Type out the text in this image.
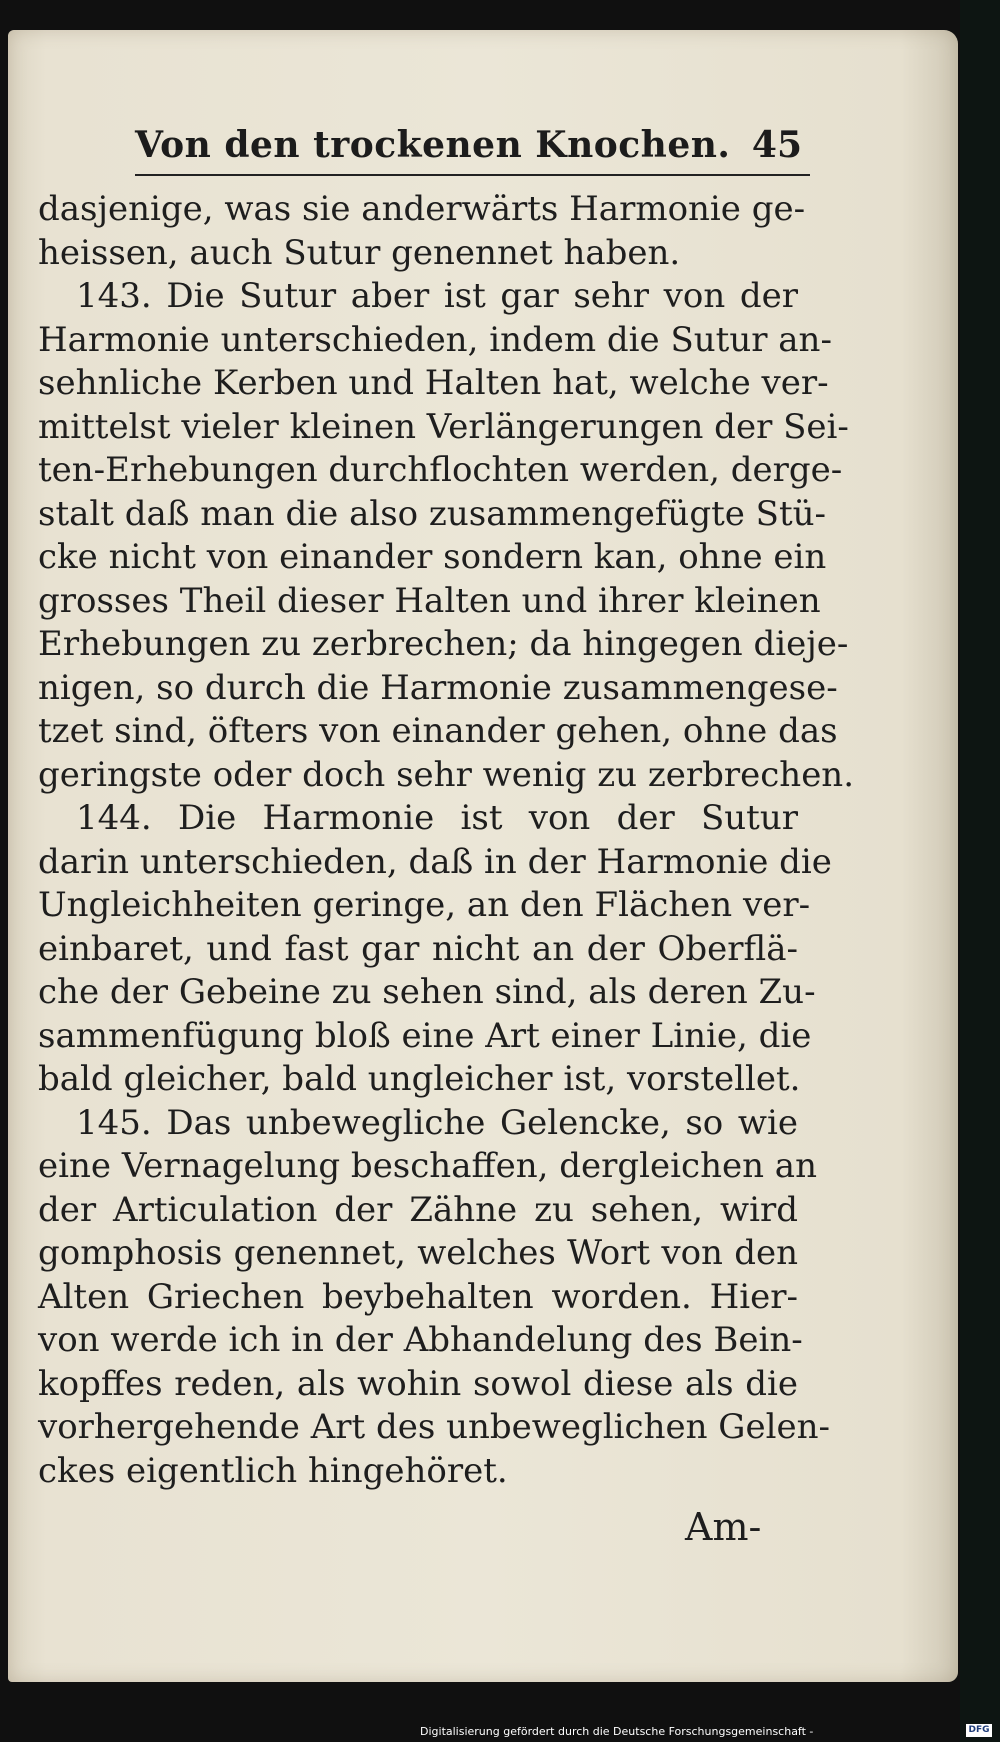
Von den trockenen Knochen. 45
dasjenige, was sie anderwärts Harmonie ge-
heissen, auch Sutur genennet haben.
143. Die Sutur aber ist gar sehr von der
Harmonie unterschieden, indem die Sutur an-
sehnliche Kerben und Halten hat, welche ver-
mittelst vieler kleinen Verlängerungen der Sei-
ten-Erhebungen durchflochten werden, derge-
stalt daß man die also zusammengefügte Stü-
cke nicht von einander sondern kan, ohne ein
grosses Theil dieser Halten und ihrer kleinen
Erhebungen zu zerbrechen; da hingegen dieje-
nigen, so durch die Harmonie zusammengese-
tzet sind, öfters von einander gehen, ohne das
geringste oder doch sehr wenig zu zerbrechen.
144. Die Harmonie ist von der Sutur
darin unterschieden, daß in der Harmonie die
Ungleichheiten geringe, an den Flächen ver-
einbaret, und fast gar nicht an der Oberflä-
che der Gebeine zu sehen sind, als deren Zu-
sammenfügung bloß eine Art einer Linie, die
bald gleicher, bald ungleicher ist, vorstellet.
145. Das unbewegliche Gelencke, so wie
eine Vernagelung beschaffen, dergleichen an
der Articulation der Zähne zu sehen, wird
gomphosis genennet, welches Wort von den
Alten Griechen beybehalten worden. Hier-
von werde ich in der Abhandelung des Bein-
kopffes reden, als wohin sowol diese als die
vorhergehende Art des unbeweglichen Gelen-
ckes eigentlich hingehöret.
Am-
Digitalisierung gefördert durch die Deutsche Forschungsgemeinschaft -	DFG
